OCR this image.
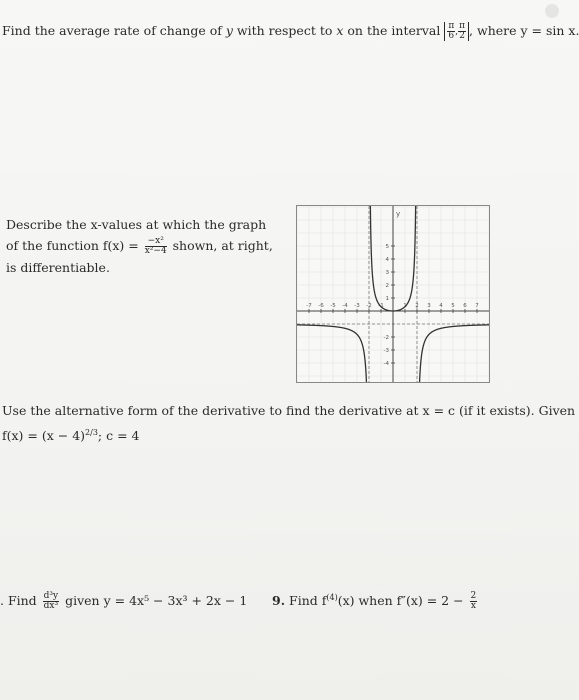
Find the average rate of change of y with respect to x on the interval $\frac{\pi}{6}$ , $\frac{\pi}{2}$ , where y = sin x.
Describe the x-values at which the graph
of the function $f(x) = \frac{\text{−x²}}{\text{x²−4}}$ shown, at right,
is differentiable.
y
-7 -6 -5 -4 -3 -2 -1	1 2 3 4 5 6 7
5
4
3
2
1
-2
-3
-4
Use the alternative form of the derivative to find the derivative at x = c (if it exists). Given
$f(x) = (x - 4)^{2/3}$; c = 4
. Find $\frac{\text{d³y}}{\text{dx³}}$ given y = 4x⁵ − 3x³ + 2x − 1 9. Find $f^{(4)}(x)$ when $f''(x) = 2 - \frac{2}{x}$
